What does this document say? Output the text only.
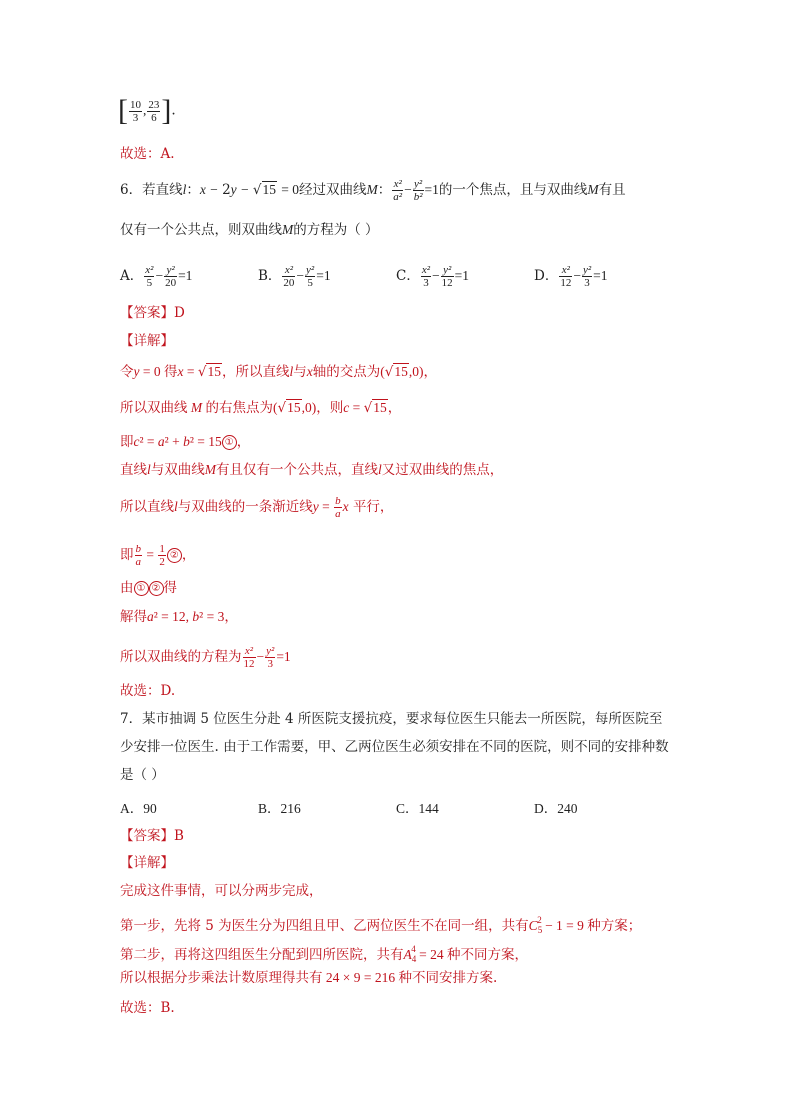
[ $\frac{10}{3}$ , $\frac{23}{6}$ ].
故选：A.
6．若直线l：x − 2y − √15 = 0经过双曲线M： $\frac{\text{x²}}{\text{a²}} - \frac{\text{y²}}{\text{b²}} =1$的一个焦点，且与双曲线M有且
仅有一个公共点，则双曲线M的方程为（ ）
A． $\frac{\text{x²}}{5} - \frac{\text{y²}}{20} =1$	B． $\frac{\text{x²}}{20} - \frac{\text{y²}}{5} =1$	C． $\frac{\text{x²}}{3} - \frac{\text{y²}}{12} =1$	D． $\frac{\text{x²}}{12} - \frac{\text{y²}}{3} =1$
【答案】D
【详解】
令y = 0 得x = √15，所以直线l与x轴的交点为(√15,0)，
所以双曲线 M 的右焦点为(√15,0)，则c = √15，
即c² = a² + b² = 15 ① ，
直线l与双曲线M有且仅有一个公共点，直线l又过双曲线的焦点，
所以直线l与双曲线的一条渐近线$y = \frac{b}{a}$ x 平行，
即 $\frac{b}{a} = \frac{1}{2}$ ② ，
由 ① ② 得
解得a² = 12, b² = 3，
所以双曲线的方程为 $\frac{\text{x²}}{12} - \frac{\text{y²}}{3} =1$
故选：D.
7．某市抽调 5 位医生分赴 4 所医院支援抗疫，要求每位医生只能去一所医院，每所医院至
少安排一位医生. 由于工作需要，甲、乙两位医生必须安排在不同的医院，则不同的安排种数
是（ ）
A．90	B．216	C．144	D．240
【答案】B
【详解】
完成这件事情，可以分两步完成，
第一步，先将 5 为医生分为四组且甲、乙两位医生不在同一组，共有$C_5^2 - 1 = 9$ 种方案；
第二步，再将这四组医生分配到四所医院，共有$A_4^4 = 24$ 种不同方案，
所以根据分步乘法计数原理得共有 24 × 9 = 216 种不同安排方案.
故选：B.
